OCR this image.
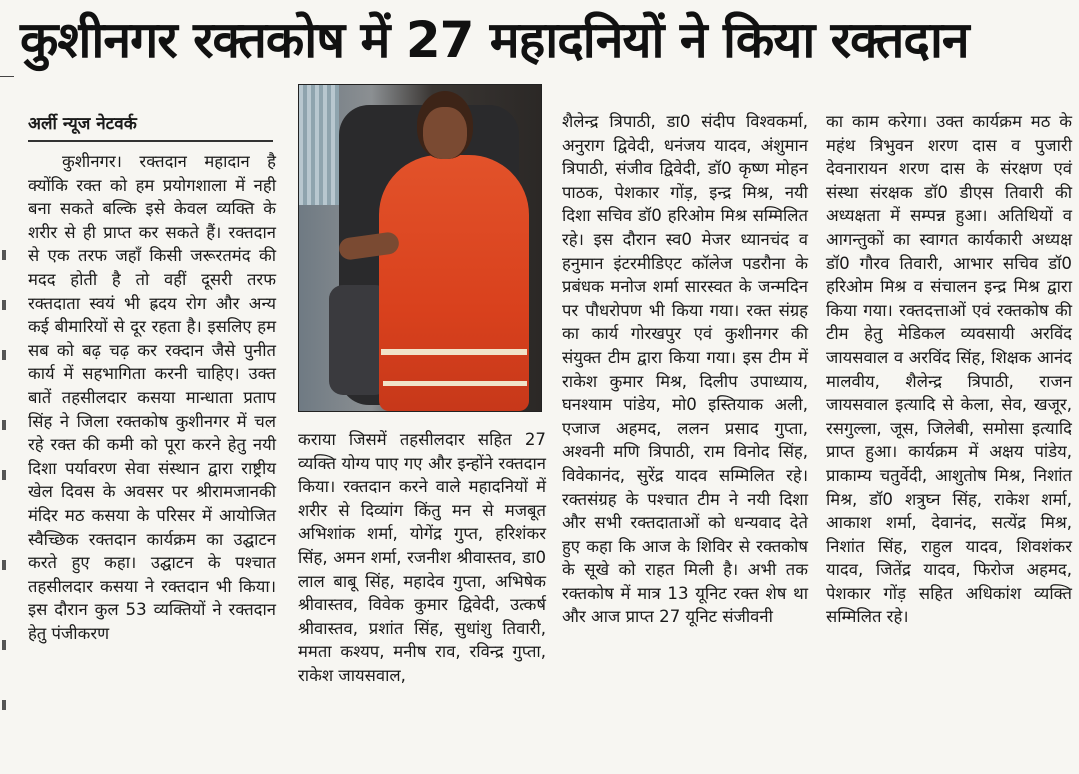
कुशीनगर रक्तकोष में 27 महादनियों ने किया रक्तदान
अर्ली न्यूज नेटवर्क

कुशीनगर। रक्तदान महादान है क्योंकि रक्त को हम प्रयोगशाला में नही बना सकते बल्कि इसे केवल व्यक्ति के शरीर से ही प्राप्त कर सकते हैं। रक्तदान से एक तरफ जहाँ किसी जरूरतमंद की मदद होती है तो वहीं दूसरी तरफ रक्तदाता स्वयं भी ह्रदय रोग और अन्य कई बीमारियों से दूर रहता है। इसलिए हम सब को बढ़ चढ़ कर रक्दान जैसे पुनीत कार्य में सहभागिता करनी चाहिए। उक्त बातें तहसीलदार कसया मान्धाता प्रताप सिंह ने जिला रक्तकोष कुशीनगर में चल रहे रक्त की कमी को पूरा करने हेतु नयी दिशा पर्यावरण सेवा संस्थान द्वारा राष्ट्रीय खेल दिवस के अवसर पर श्रीरामजानकी मंदिर मठ कसया के परिसर में आयोजित स्वैच्छिक रक्तदान कार्यक्रम का उद्घाटन करते हुए कहा। उद्घाटन के पश्चात तहसीलदार कसया ने रक्तदान भी किया। इस दौरान कुल 53 व्यक्तियों ने रक्तदान हेतु पंजीकरण

कराया जिसमें तहसीलदार सहित 27 व्यक्ति योग्य पाए गए और इन्होंने रक्तदान किया। रक्तदान करने वाले महादनियों में शरीर से दिव्यांग किंतु मन से मजबूत अभिशांक शर्मा, योगेंद्र गुप्त, हरिशंकर सिंह, अमन शर्मा, रजनीश श्रीवास्तव, डा0 लाल बाबू सिंह, महादेव गुप्ता, अभिषेक श्रीवास्तव, विवेक कुमार द्विवेदी, उत्कर्ष श्रीवास्तव, प्रशांत सिंह, सुधांशु तिवारी, ममता कश्यप, मनीष राव, रविन्द्र गुप्ता, राकेश जायसवाल,

शैलेन्द्र त्रिपाठी, डा0 संदीप विश्वकर्मा, अनुराग द्विवेदी, धनंजय यादव, अंशुमान त्रिपाठी, संजीव द्विवेदी, डॉ0 कृष्ण मोहन पाठक, पेशकार गोंड़, इन्द्र मिश्र, नयी दिशा सचिव डॉ0 हरिओम मिश्र सम्मिलित रहे। इस दौरान स्व0 मेजर ध्यानचंद व हनुमान इंटरमीडिएट कॉलेज पडरौना के प्रबंधक मनोज शर्मा सारस्वत के जन्मदिन पर पौधरोपण भी किया गया। रक्त संग्रह का कार्य गोरखपुर एवं कुशीनगर की संयुक्त टीम द्वारा किया गया। इस टीम में राकेश कुमार मिश्र, दिलीप उपाध्याय, घनश्याम पांडेय, मो0 इस्तियाक अली, एजाज अहमद, ललन प्रसाद गुप्ता, अश्वनी मणि त्रिपाठी, राम विनोद सिंह, विवेकानंद, सुरेंद्र यादव सम्मिलित रहे। रक्तसंग्रह के पश्चात टीम ने नयी दिशा और सभी रक्तदाताओं को धन्यवाद देते हुए कहा कि आज के शिविर से रक्तकोष के सूखे को राहत मिली है। अभी तक रक्तकोष में मात्र 13 यूनिट रक्त शेष था और आज प्राप्त 27 यूनिट संजीवनी

का काम करेगा। उक्त कार्यक्रम मठ के महंथ त्रिभुवन शरण दास व पुजारी देवनारायन शरण दास के संरक्षण एवं संस्था संरक्षक डॉ0 डीएस तिवारी की अध्यक्षता में सम्पन्न हुआ। अतिथियों व आगन्तुकों का स्वागत कार्यकारी अध्यक्ष डॉ0 गौरव तिवारी, आभार सचिव डॉ0 हरिओम मिश्र व संचालन इन्द्र मिश्र द्वारा किया गया। रक्तदत्ताओं एवं रक्तकोष की टीम हेतु मेडिकल व्यवसायी अरविंद जायसवाल व अरविंद सिंह, शिक्षक आनंद मालवीय, शैलेन्द्र त्रिपाठी, राजन जायसवाल इत्यादि से केला, सेव, खजूर, रसगुल्ला, जूस, जिलेबी, समोसा इत्यादि प्राप्त हुआ। कार्यक्रम में अक्षय पांडेय, प्राकाम्य चतुर्वेदी, आशुतोष मिश्र, निशांत मिश्र, डॉ0 शत्रुघ्न सिंह, राकेश शर्मा, आकाश शर्मा, देवानंद, सत्येंद्र मिश्र, निशांत सिंह, राहुल यादव, शिवशंकर यादव, जितेंद्र यादव, फिरोज अहमद, पेशकार गोंड़ सहित अधिकांश व्यक्ति सम्मिलित रहे।
